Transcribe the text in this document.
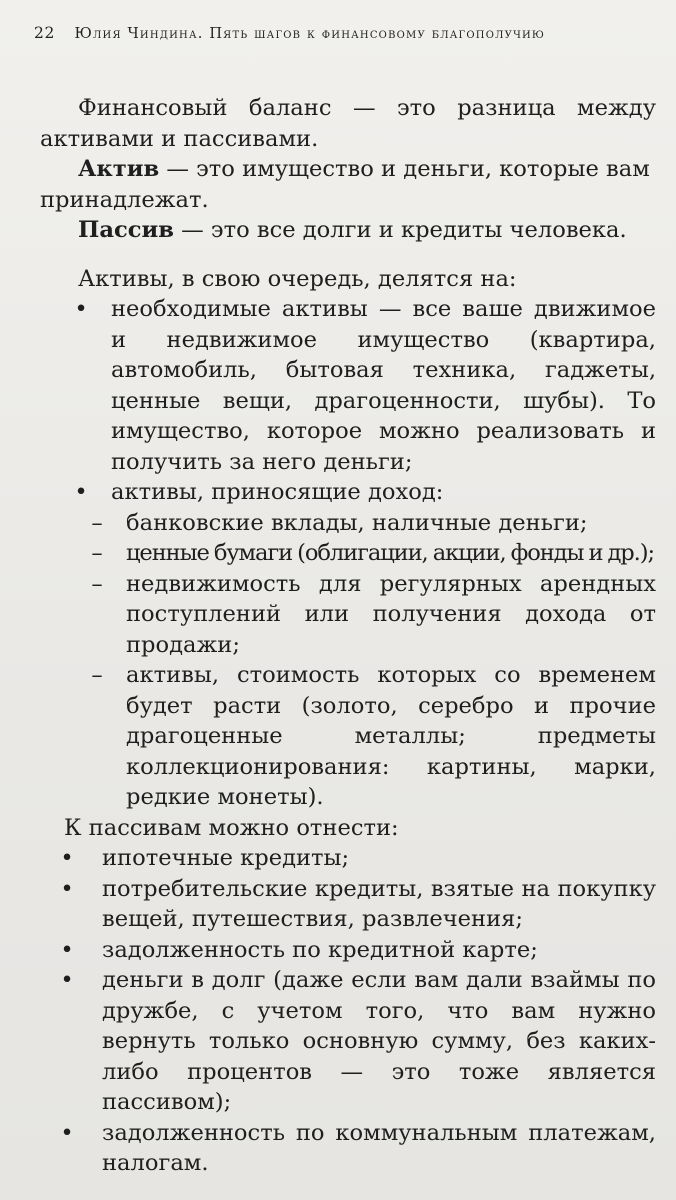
22 Юлия Чиндина. Пять шагов к финансовому благополучию

Финансовый баланс — это разница между активами и пассивами.

Актив — это имущество и деньги, которые вам принадлежат.

Пассив — это все долги и кредиты человека.

Активы, в свою очередь, делятся на:

• необходимые активы — все ваше движимое и недвижимое имущество (квартира, автомобиль, бытовая техника, гаджеты, ценные вещи, драгоценности, шубы). То имущество, которое можно реализовать и получить за него деньги;
• активы, приносящие доход:
– банковские вклады, наличные деньги;
– ценные бумаги (облигации, акции, фонды и др.);
– недвижимость для регулярных арендных поступлений или получения дохода от продажи;
– активы, стоимость которых со временем будет расти (золото, серебро и прочие драгоценные металлы; предметы коллекционирования: картины, марки, редкие монеты).

К пассивам можно отнести:

• ипотечные кредиты;
• потребительские кредиты, взятые на покупку вещей, путешествия, развлечения;
• задолженность по кредитной карте;
• деньги в долг (даже если вам дали взаймы по дружбе, с учетом того, что вам нужно вернуть только основную сумму, без каких-либо процентов — это тоже является пассивом);
• задолженность по коммунальным платежам, налогам.
